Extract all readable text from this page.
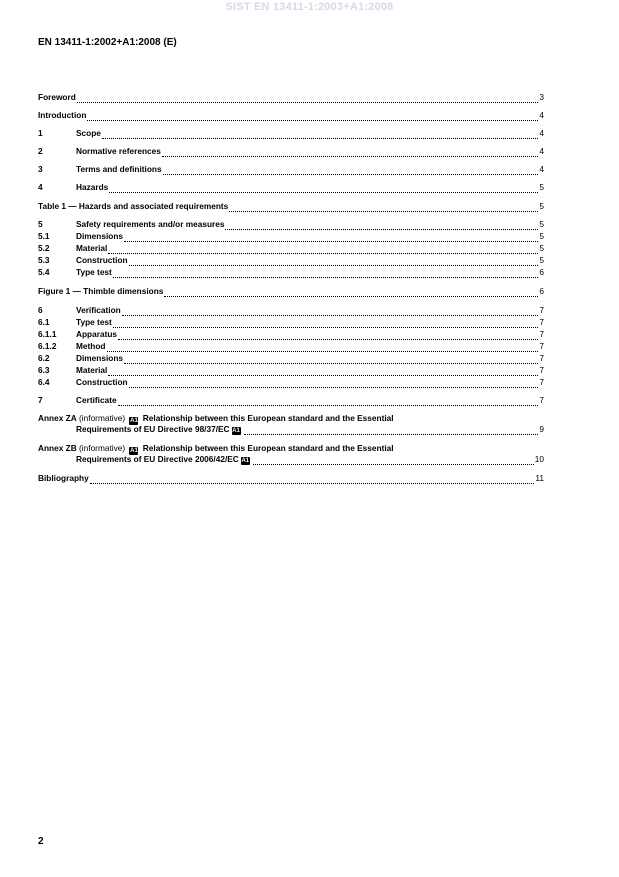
SIST EN 13411-1:2003+A1:2008
EN 13411-1:2002+A1:2008 (E)
Foreword	3
Introduction	4
1	Scope	4
2	Normative references	4
3	Terms and definitions	4
4	Hazards	5
Table 1 — Hazards and associated requirements	5
5	Safety requirements and/or measures	5
5.1	Dimensions	5
5.2	Material	5
5.3	Construction	5
5.4	Type test	6
Figure 1 — Thimble dimensions	6
6	Verification	7
6.1	Type test	7
6.1.1	Apparatus	7
6.1.2	Method	7
6.2	Dimensions	7
6.3	Material	7
6.4	Construction	7
7	Certificate	7
Annex ZA (informative) A1 Relationship between this European standard and the Essential
Requirements of EU Directive 98/37/EC A1	9
Annex ZB (informative) A1 Relationship between this European standard and the Essential
Requirements of EU Directive 2006/42/EC A1	10
Bibliography	11
2
